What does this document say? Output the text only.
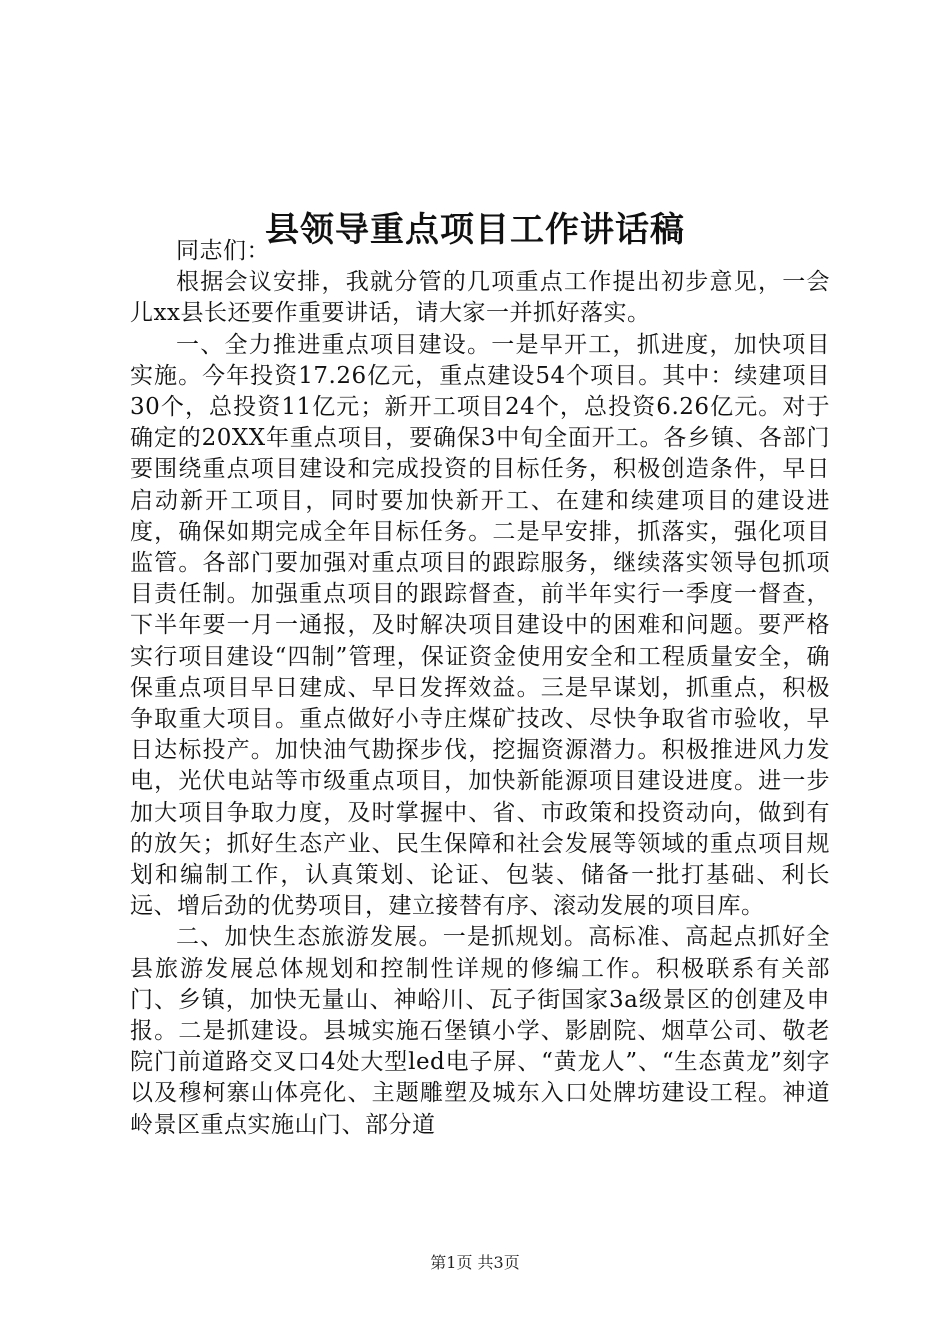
县领导重点项目工作讲话稿

同志们：

根据会议安排，我就分管的几项重点工作提出初步意见，一会儿xx县长还要作重要讲话，请大家一并抓好落实。

一、全力推进重点项目建设。一是早开工，抓进度，加快项目实施。今年投资17.26亿元，重点建设54个项目。其中：续建项目30个，总投资11亿元；新开工项目24个，总投资6.26亿元。对于确定的20XX年重点项目，要确保3中旬全面开工。各乡镇、各部门要围绕重点项目建设和完成投资的目标任务，积极创造条件，早日启动新开工项目，同时要加快新开工、在建和续建项目的建设进度，确保如期完成全年目标任务。二是早安排，抓落实，强化项目监管。各部门要加强对重点项目的跟踪服务，继续落实领导包抓项目责任制。加强重点项目的跟踪督查，前半年实行一季度一督查，下半年要一月一通报，及时解决项目建设中的困难和问题。要严格实行项目建设“四制”管理，保证资金使用安全和工程质量安全，确保重点项目早日建成、早日发挥效益。三是早谋划，抓重点，积极争取重大项目。重点做好小寺庄煤矿技改、尽快争取省市验收，早日达标投产。加快油气勘探步伐，挖掘资源潜力。积极推进风力发电，光伏电站等市级重点项目，加快新能源项目建设进度。进一步加大项目争取力度，及时掌握中、省、市政策和投资动向，做到有的放矢；抓好生态产业、民生保障和社会发展等领域的重点项目规划和编制工作，认真策划、论证、包装、储备一批打基础、利长远、增后劲的优势项目，建立接替有序、滚动发展的项目库。

二、加快生态旅游发展。一是抓规划。高标准、高起点抓好全县旅游发展总体规划和控制性详规的修编工作。积极联系有关部门、乡镇，加快无量山、神峪川、瓦子街国家3a级景区的创建及申报。二是抓建设。县城实施石堡镇小学、影剧院、烟草公司、敬老院门前道路交叉口4处大型led电子屏、“黄龙人”、“生态黄龙”刻字以及穆柯寨山体亮化、主题雕塑及城东入口处牌坊建设工程。神道岭景区重点实施山门、部分道

第1页 共3页
